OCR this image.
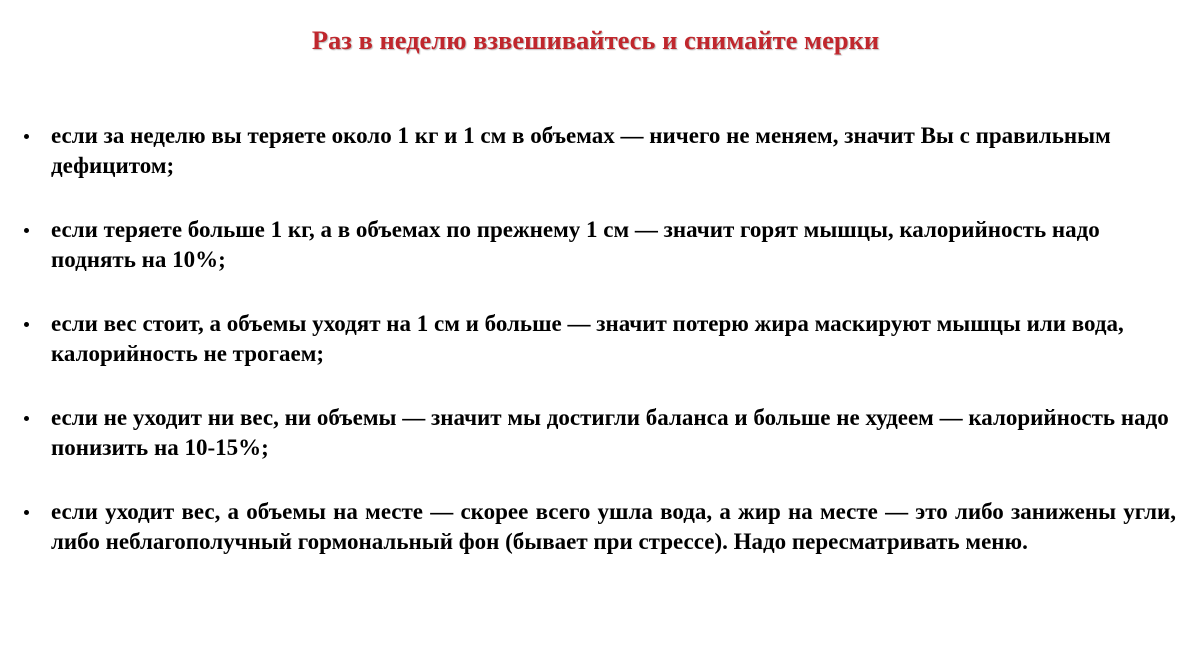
Раз в неделю взвешивайтесь и снимайте мерки
если за неделю вы теряете около 1 кг и 1 см в объемах — ничего не меняем, значит Вы с правильным дефицитом;
если теряете больше 1 кг, а в объемах по прежнему 1 см — значит горят мышцы, калорийность надо поднять на 10%;
если вес стоит, а объемы уходят на 1 см и больше — значит потерю жира маскируют мышцы или вода, калорийность не трогаем;
если не уходит ни вес, ни объемы — значит мы достигли баланса и больше не худеем — калорийность надо понизить на 10-15%;
если уходит вес, а объемы на месте — скорее всего ушла вода, а жир на месте — это либо занижены угли, либо неблагополучный гормональный фон (бывает при стрессе). Надо пересматривать меню.
